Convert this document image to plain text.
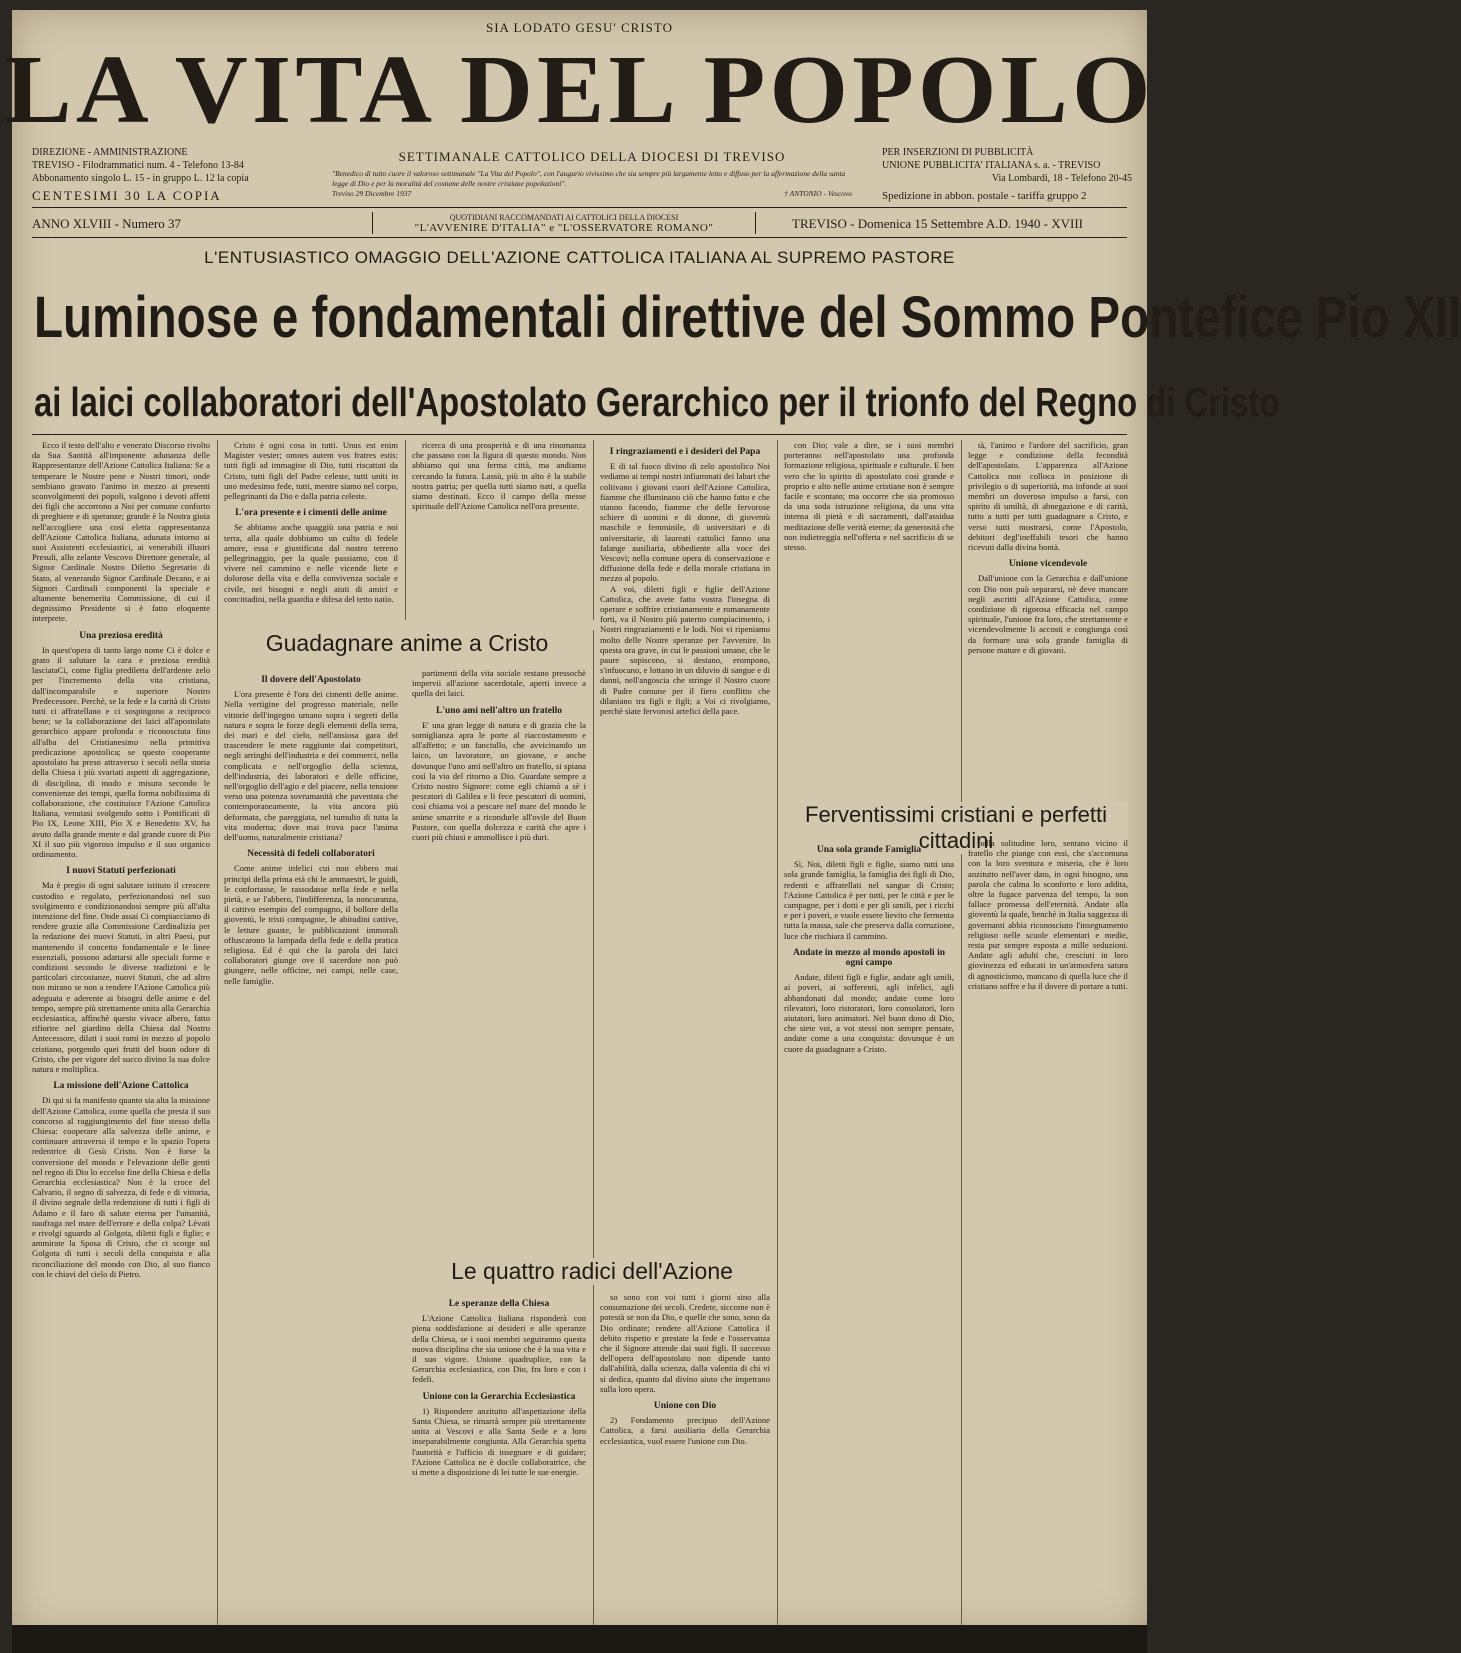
SIA LODATO GESU' CRISTO
LA VITA DEL POPOLO
DIREZIONE - AMMINISTRAZIONE
TREVISO - Filodrammatici num. 4 - Telefono 13-84
Abbonamento singolo L. 15 - in gruppo L. 12 la copia
CENTESIMI 30 LA COPIA
SETTIMANALE CATTOLICO DELLA DIOCESI DI TREVISO
"Benedico di tutto cuore il valoroso settimanale "La Vita del Popolo", con l'augurio vivissimo che sia sempre più largamente letto e diffuso per la affermazione della santa legge di Dio e per la moralità del costume delle nostre cristiane popolazioni".
Treviso 29 Dicembre 1937	† ANTONIO - Vescovo
PER INSERZIONI DI PUBBLICITÀ
UNIONE PUBBLICITA' ITALIANA s. a. - TREVISO
Via Lombardi, 18 - Telefono 20-45
Spedizione in abbon. postale - tariffa gruppo 2
ANNO XLVIII - Numero 37	QUOTIDIANI RACCOMANDATI AI CATTOLICI DELLA DIOCESI
"L'AVVENIRE D'ITALIA" e "L'OSSERVATORE ROMANO"	TREVISO - Domenica 15 Settembre A.D. 1940 - XVIII
L'ENTUSIASTICO OMAGGIO DELL'AZIONE CATTOLICA ITALIANA AL SUPREMO PASTORE
Luminose e fondamentali direttive del Sommo Pontefice Pio XII
ai laici collaboratori dell'Apostolato Gerarchico per il trionfo del Regno di Cristo

Ecco il testo dell'alto e venerato Discorso rivolto da Sua Santità all'imponente adunanza delle Rappresentanze dell'Azione Cattolica Italiana: Se a temperare le Nostre pene e Nostri timori, onde sembiano gravato l'animo in mezzo ai presenti sconvolgimenti dei popoli, valgono i devoti affetti dei figli che accorrono a Noi per comune conforto di preghiere e di speranze; grande è la Nostra gioia nell'accogliere una così eletta rappresentanza dell'Azione Cattolica Italiana, adunata intorno ai suoi Assistenti ecclesiastici, ai venerabili illustri Presuli, allo zelante Vescovo Direttore generale, al Signor Cardinale Nostro Diletto Segretario di Stato, al venerando Signor Cardinale Decano, e ai Signori Cardinali componenti la speciale e altamente benemerita Commissione, di cui il degnissimo Presidente si è fatto eloquente interprete.

Una preziosa eredità

In quest'opera di tanto largo nome Ci è dolce e grato il salutare la cara e preziosa eredità lasciataCi, come figlia prediletta dell'ardente zelo per l'incremento della vita cristiana, dall'incomparabile e superiore Nostro Predecessore. Perchè, se la fede e la carità di Cristo tutti ci affratellano e ci sospingono a reciproco bene; se la collaborazione dei laici all'apostolato gerarchico appare profonda e riconosciuta fino all'alba del Cristianesimo nella primitiva predicazione apostolica; se questo cooperante apostolato ha preso attraverso i secoli nella storia della Chiesa i più svariati aspetti di aggregazione, di disciplina, di modo e misura secondo le convenienze dei tempi, quella forma nobilissima di collaborazione, che costituisce l'Azione Cattolica Italiana, venutasi svolgendo sotto i Pontificati di Pio IX, Leone XIII, Pio X e Benedetto XV, ha avuto dalla grande mente e dal grande cuore di Pio XI il suo più vigoroso impulso e il suo organico ordinamento.

I nuovi Statuti perfezionati

Ma è pregio di ogni salutare istituto il crescere custodito e regolato, perfezionandosi nel suo svolgimento e condizionandosi sempre più all'alta intenzione del fine. Onde assai Ci compiacciamo di rendere grazie alla Commissione Cardinalizia per la redazione dei nuovi Statuti, in altri Paesi, pur mantenendo il concetto fondamentale e le linee essenziali, possono adattarsi alle speciali forme e condizioni secondo le diverse tradizioni e le particolari circostanze, nuovi Statuti, che ad altro non mirano se non a rendere l'Azione Cattolica più adeguata e aderente ai bisogni delle anime e del tempo, sempre più strettamente unita alla Gerarchia ecclesiastica, affinchè questo vivace albero, fatto rifiorire nel giardino della Chiesa dal Nostro Antecessore, dilati i suoi rami in mezzo al popolo cristiano, porgendo quei frutti del buon odore di Cristo, che per vigore del succo divino la sua dolce natura e moltiplica.

La missione dell'Azione Cattolica

Di qui si fa manifesto quanto sia alta la missione dell'Azione Cattolica, come quella che presta il suo concorso al raggiungimento del fine stesso della Chiesa: cooperare alla salvezza delle anime, e continuare attraverso il tempo e lo spazio l'opera redentrice di Gesù Cristo. Non è forse la conversione del mondo e l'elevazione delle genti nel regno di Dio lo eccelso fine della Chiesa e della Gerarchia ecclesiastica? Non è la croce del Calvario, il segno di salvezza, di fede e di vittoria, il divino segnale della redenzione di tutti i figli di Adamo e il faro di salute eterna per l'umanità, naufraga nel mare dell'errore e della colpa? Lèvati e rivolgi sguardo al Golgota, diletti figli e figlie; e ammirate la Sposa di Cristo, che ci scorge sul Golgota di tutti i secoli della conquista e alla riconciliazione del mondo con Dio, al suo fianco con le chiavi del cielo di Pietro.

Cristo è ogni cosa in tutti. Unus est enim Magister vester; omnes autem vos fratres estis: tutti figli ad immagine di Dio, tutti riscattati da Cristo, tutti figli del Padre celeste, tutti uniti in uno medesimo fede, tutti, mentre siamo nel corpo, pellegrinanti da Dio e dalla patria celeste.

L'ora presente e i cimenti delle anime

Se abbiamo anche quaggiù una patria e noi terra, alla quale dobbiamo un culto di fedele amore, essa e giustificata dal nostro terreno pellegrinaggio, per la quale passiamo, con il vivere nel cammino e nelle vicende liete e dolorose della vita e della convivenza sociale e civile, nei bisogni e negli aiuti di amici e concittadini, nella guardia e difesa del tetto natìo.

ricerca di una prosperità e di una rinomanza che passano con la figura di questo mondo. Non abbiamo qui una ferma città, ma andiamo cercando la futura. Lassù, più in alto è la stabile nostra patria; per quella tutti siamo nati, a quella siamo destinati. Ecco il campo della messe spirituale dell'Azione Cattolica nell'ora presente.

Guadagnare anime a Cristo
Il dovere dell'Apostolato

L'ora presente è l'ora dei cimenti delle anime. Nella vertigine del progresso materiale, nelle vittorie dell'ingegno umano sopra i segreti della natura e sopra le forze degli elementi della terra, dei mari e del cielo, nell'ansiosa gara del trascendere le mete raggiunte dai competitori, negli arringhi dell'industria e dei commerci, nella complicata e nell'orgoglio della scienza, dell'industria, dei laboratori e delle officine, nell'orgoglio dell'agio e del piacere, nella tensione verso una potenza sovrumanità che paventata che contemporaneamente, la vita ancora più deformata, che pareggiata, nel tumulto di tutta la vita moderna; dove mai trova pace l'anima dell'uomo, naturalmente cristiana?

Necessità di fedeli collaboratori

Come anime infelici cui non ebbero mai principi della prima età chi le ammaestri, le guidi, le confortasse, le rassodasse nella fede e nella pietà, e se l'abbero, l'indifferenza, la noncuranza, il cattivo esempio del compagno, il bollore della gioventù, le tristi compagnie, le abitudini cattive, le letture guaste, le pubblicazioni immorali offuscarono la lampada della fede e della pratica religiosa. Ed è qui che la parola dei laici collaboratori giunge ove il sacerdote non può giungere, nelle officine, nei campi, nelle case, nelle famiglie.

partimenti della vita sociale restano pressochè impervii all'azione sacerdotale, aperti invece a quella dei laici.

L'uno ami nell'altro un fratello

E' una gran legge di natura e di grazia che la somiglianza apra le porte al riaccostamento e all'affetto; e un fanciullo, che avvicinando un laico, un lavoratore, un giovane, e anche dovunque l'uno ami nell'altro un fratello, si spiana così la via del ritorno a Dio. Guardate sempre a Cristo nostro Signore: come egli chiamò a sè i pescatori di Galilea e li fece pescatori di uomini, così chiama voi a pescare nel mare del mondo le anime smarrite e a ricondurle all'ovile del Buon Pastore, con quella dolcezza e carità che apre i cuori più chiusi e ammollisce i più duri.

I ringraziamenti e i desideri del Papa

E di tal fuoco divino di zelo apostolico Noi vediamo ai tempi nostri infiammati dei labari che coltivano i giovani cuori dell'Azione Cattolica, fiamme che illuminano ciò che hanno fatto e che stanno facendo, fiamme che delle fervorose schiere di uomini e di donne, di gioventù maschile e femminile, di universitari e di universitarie, di laureati cattolici fanno una falange ausiliaria, obbediente alla voce dei Vescovi; nella comune opera di conservazione e diffusione della fede e della morale cristiana in mezzo al popolo.

A voi, diletti figli e figlie dell'Azione Cattolica, che avete fatto vostra l'insegna di operare e soffrire cristianamente e romanamente forti, va il Nostro più paterno compiacimento, i Nostri ringraziamenti e le lodi. Noi vi ripeniamo molto delle Nostre speranze per l'avvenire. In questa ora grave, in cui le passioni umane, che le paure sopiscono, si destano, erompono, s'infuocano, e lottano in un diluvio di sangue e di danni, nell'angoscia che stringe il Nostro cuore di Padre comune per il fiero conflitto che dilaniano tra figli e figli; a Voi ci rivolgiamo, perchè siate fervorosi artefici della pace.

con Dio; vale a dire, se i suoi membri porteranno nell'apostolato una profonda formazione religiosa, spirituale e culturale. E ben vero che lo spirito di apostolato così grande e proprio e alto nelle anime cristiane non è sempre facile e scontato; ma occorre che sia promosso da una soda istruzione religiosa, da una vita intensa di pietà e di sacramenti, dall'assidua meditazione delle verità eterne; da generosità che non indietreggia nell'offerta e nel sacrificio di se stesso.

tà, l'animo e l'ardore del sacrificio, gran legge e condizione della fecondità dell'apostolato. L'apparenza all'Azione Cattolica non colloca in posizione di privilegio o di superiorità, ma infonde ai suoi membri un doveroso impulso a farsi, con spirito di umiltà, di abnegazione e di carità, tutto a tutti per tutti guadagnare a Cristo, e verso tutti mostrarsi, come l'Apostolo, debitori degl'ineffabili tesori che hanno ricevuti dalla divina bontà.

Unione vicendevole

Dall'unione con la Gerarchia e dall'unione con Dio non può separarsi, nè deve mancare negli ascritti all'Azione Cattolica, come condizione di rigorosa efficacia nel campo spirituale, l'unione fra loro, che strettamente e vicendevolmente li accosti e congiunga così da formare una sola grande famiglia di persone mature e di giovani.

Ferventissimi cristiani e perfetti cittadini
Una sola grande Famiglia

Sì, Noi, diletti figli e figlie, siamo tutti una sola grande famiglia, la famiglia dei figli di Dio, redenti e affratellati nel sangue di Cristo; l'Azione Cattolica è per tutti, per le città e per le campagne, per i dotti e per gli umili, per i ricchi e per i poveri, e vuole essere lievito che fermenta tutta la massa, sale che preserva dalla corruzione, luce che rischiara il cammino.

Andate in mezzo al mondo apostoli in ogni campo

Andate, diletti figli e figlie, andate agli umili, ai poveri, ai sofferenti, agli infelici, agli abbandonati dal mondo; andate come loro rilevatori, loro ristoratori, loro consolatori, loro aiutatori, loro animatori. Nel buon dono di Dio, che siete voi, a voi stessi non sempre pensate, andate come a una conquista: dovunque è un cuore da guadagnare a Cristo.

nella solitudine loro, sentano vicino il fratello che piange con essi, che s'accomuna con la loro sventura e miseria, che è loro anzitutto nell'aver dato, in ogni bisogno, una parola che calma lo sconforto e loro addita, oltre la fugace parvenza del tempo, la non fallace promessa dell'eternità. Andate alla gioventù la quale, benchè in Italia saggezza di governanti abbia riconosciuto l'insegnamento religioso nelle scuole elementari e medie, resta pur sempre esposta a mille seduzioni. Andate agli adulti che, cresciuti in loro giovinezza ed educati in un'atmosfera satura di agnosticismo, mancano di quella luce che il cristiano soffre e ha il dovere di portare a tutti.

Le quattro radici dell'Azione
Le speranze della Chiesa

L'Azione Cattolica Italiana risponderà con piena soddisfazione ai desideri e alle speranze della Chiesa, se i suoi membri seguiranno questa nuova disciplina che sia unione che è la sua vita e il suo vigore. Unione quadruplice, con la Gerarchia ecclesiastica, con Dio, fra loro e con i fedeli.

Unione con la Gerarchia Ecclesiastica

1) Rispondere anzitutto all'aspettazione della Santa Chiesa, se rimarrà sempre più strettamente unita ai Vescovi e alla Santa Sede e a loro inseparabilmente congiunta. Alla Gerarchia spetta l'autorità e l'ufficio di insegnare e di guidare; l'Azione Cattolica ne è docile collaboratrice, che si mette a disposizione di lei tutte le sue energie.

so sono con voi tutti i giorni sino alla consumazione dei secoli. Credete, siccome non è potestà se non da Dio, e quelle che sono, sono da Dio ordinate; rendete all'Azione Cattolica il debito rispetto e prestate la fede e l'osservanza che il Signore attende dai suoi figli. Il successo dell'opera dell'apostolato non dipende tanto dall'abilità, dalla scienza, dalla valentia di chi vi si dedica, quanto dal divino aiuto che impetrano sulla loro opera.

Unione con Dio

2) Fondamento precipuo dell'Azione Cattolica, a farsi ausiliaria della Gerarchia ecclesiastica, vuol essere l'unione con Dio.
